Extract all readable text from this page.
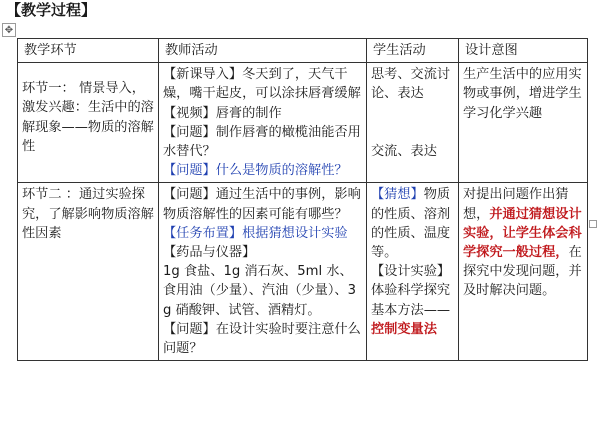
【教学过程】
✥
教学环节	教师活动	学生活动	设计意图

环节一： 情景导入，激发兴趣：生活中的溶解现象——物质的溶解性	【新课导入】冬天到了，天气干燥，嘴干起皮，可以涂抹唇膏缓解
【视频】唇膏的制作
【问题】制作唇膏的橄榄油能否用水替代？
【问题】什么是物质的溶解性？	思考、交流讨论、表达
交流、表达	生产生活中的应用实物或事例，增进学生学习化学兴趣
环节二 ：通过实验探究，了解影响物质溶解性因素	【问题】通过生活中的事例，影响物质溶解性的因素可能有哪些？
【任务布置】根据猜想设计实验
【药品与仪器】
1g 食盐、1g 消石灰、5ml 水、食用油（少量）、汽油（少量）、3g 硝酸钾、试管、酒精灯。
【问题】在设计实验时要注意什么问题？	【猜想】物质的性质、溶剂的性质、温度等。
【设计实验】体验科学探究基本方法——控制变量法	对提出问题作出猜想，并通过猜想设计实验，让学生体会科学探究一般过程，在探究中发现问题，并及时解决问题。
